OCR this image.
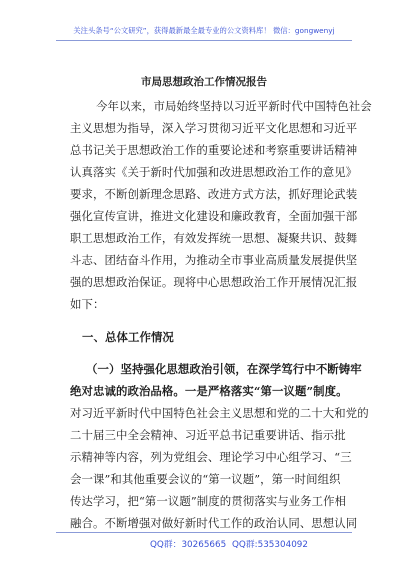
关注头条号“公文研究”，获得最新最全最专业的公文资料库！ 微信：gongwenyj
市局思想政治工作情况报告
今年以来，市局始终坚持以习近平新时代中国特色社会
主义思想为指导，深入学习贯彻习近平文化思想和习近平
总书记关于思想政治工作的重要论述和考察重要讲话精神
认真落实《关于新时代加强和改进思想政治工作的意见》
要求，不断创新理念思路、改进方式方法，抓好理论武装
强化宣传宣讲，推进文化建设和廉政教育，全面加强干部
职工思想政治工作，有效发挥统一思想、凝聚共识、鼓舞
斗志、团结奋斗作用，为推动全市事业高质量发展提供坚
强的思想政治保证。现将中心思想政治工作开展情况汇报
如下：
一、总体工作情况
（一）坚持强化思想政治引领，在深学笃行中不断铸牢
绝对忠诚的政治品格。一是严格落实“第一议题”制度。
对习近平新时代中国特色社会主义思想和党的二十大和党的
二十届三中全会精神、习近平总书记重要讲话、指示批
示精神等内容，列为党组会、理论学习中心组学习、“三
会一课”和其他重要会议的“第一议题”，第一时间组织
传达学习，把“第一议题”制度的贯彻落实与业务工作相
融合。不断增强对做好新时代工作的政治认同、思想认同
QQ群：30265665 QQ群:535304092
